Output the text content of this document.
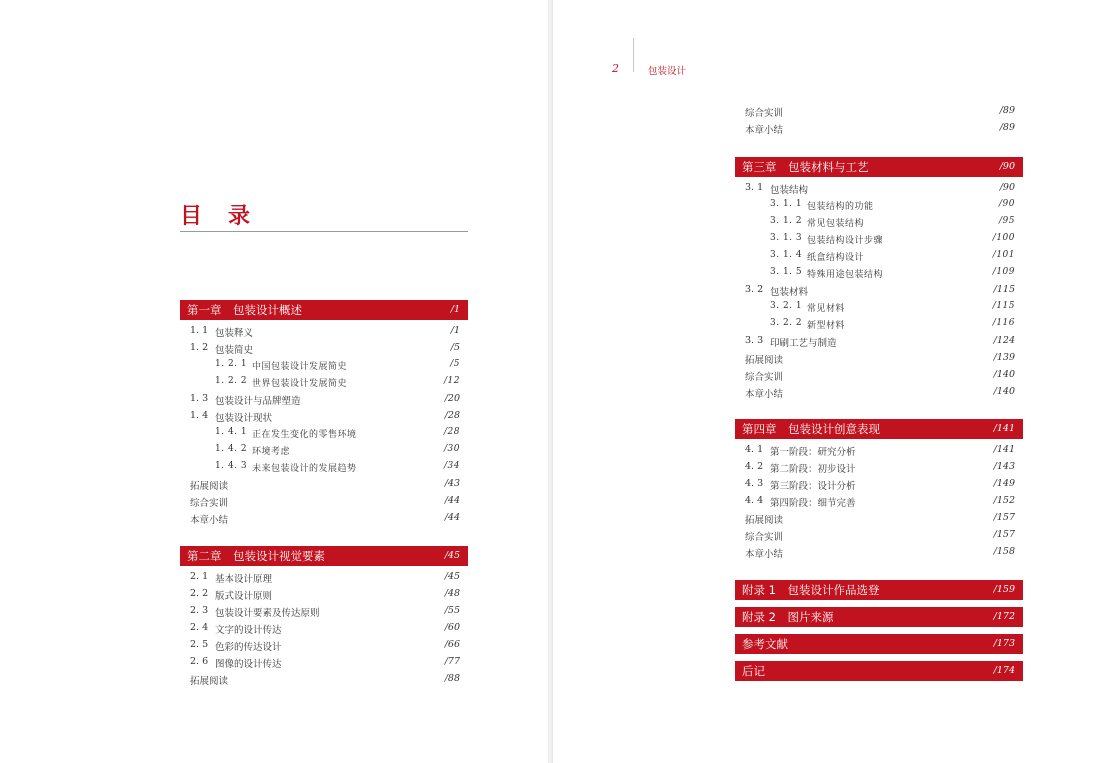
目　录
2	包装设计
第一章　包装设计概述	/1
1. 1 包装释义	/1
1. 2 包装简史	/5
1. 2. 1 中国包装设计发展简史	/5
1. 2. 2 世界包装设计发展简史	/12
1. 3 包装设计与品牌塑造	/20
1. 4 包装设计现状	/28
1. 4. 1 正在发生变化的零售环境	/28
1. 4. 2 环境考虑	/30
1. 4. 3 未来包装设计的发展趋势	/34
拓展阅读	/43
综合实训	/44
本章小结	/44
第二章　包装设计视觉要素	/45
2. 1 基本设计原理	/45
2. 2 版式设计原则	/48
2. 3 包装设计要素及传达原则	/55
2. 4 文字的设计传达	/60
2. 5 色彩的传达设计	/66
2. 6 图像的设计传达	/77
拓展阅读	/88
综合实训	/89
本章小结	/89
第三章　包装材料与工艺	/90
3. 1 包装结构	/90
3. 1. 1 包装结构的功能	/90
3. 1. 2 常见包装结构	/95
3. 1. 3 包装结构设计步骤	/100
3. 1. 4 纸盒结构设计	/101
3. 1. 5 特殊用途包装结构	/109
3. 2 包装材料	/115
3. 2. 1 常见材料	/115
3. 2. 2 新型材料	/116
3. 3 印刷工艺与制造	/124
拓展阅读	/139
综合实训	/140
本章小结	/140
第四章　包装设计创意表现	/141
4. 1 第一阶段：研究分析	/141
4. 2 第二阶段：初步设计	/143
4. 3 第三阶段：设计分析	/149
4. 4 第四阶段：细节完善	/152
拓展阅读	/157
综合实训	/157
本章小结	/158
附录 1　包装设计作品选登	/159
附录 2　图片来源	/172
参考文献	/173
后记	/174
